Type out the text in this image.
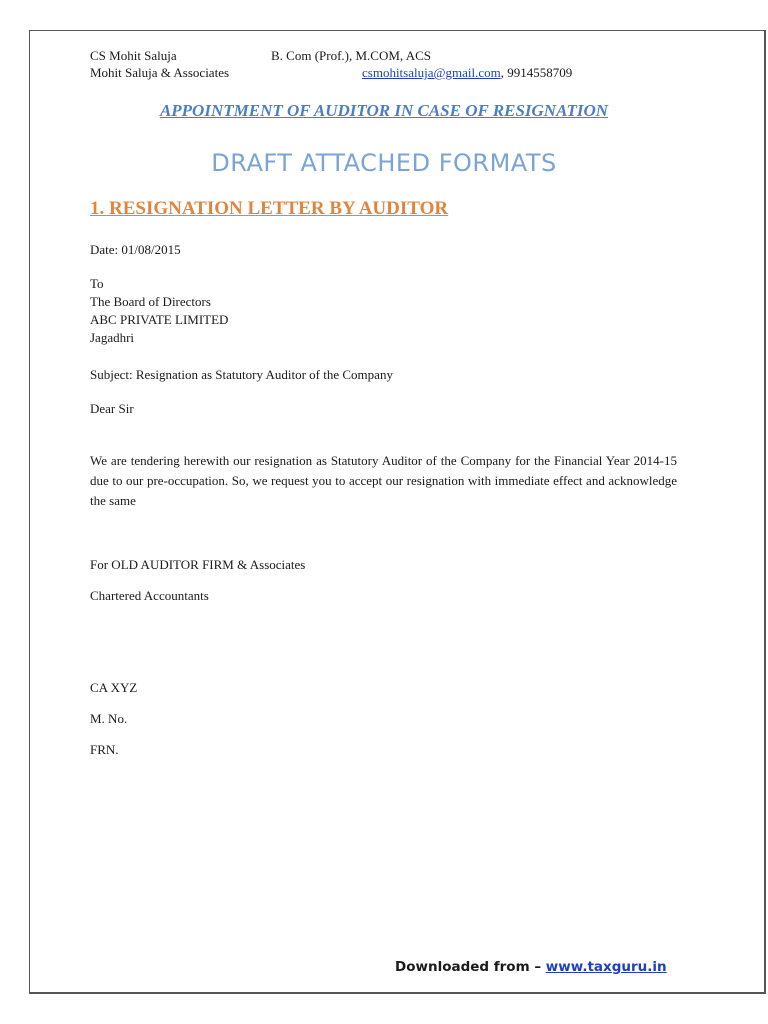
CS Mohit Saluja	B. Com (Prof.), M.COM, ACS
Mohit Saluja & Associates	csmohitsaluja@gmail.com, 9914558709
APPOINTMENT OF AUDITOR IN CASE OF RESIGNATION
DRAFT ATTACHED FORMATS
1. RESIGNATION LETTER BY AUDITOR
Date: 01/08/2015
To
The Board of Directors
ABC PRIVATE LIMITED
Jagadhri
Subject: Resignation as Statutory Auditor of the Company
Dear Sir
We are tendering herewith our resignation as Statutory Auditor of the Company for the Financial Year 2014-15 due to our pre-occupation. So, we request you to accept our resignation with immediate effect and acknowledge the same
For OLD AUDITOR FIRM & Associates
Chartered Accountants
CA XYZ
M. No.
FRN.
Downloaded from – www.taxguru.in
